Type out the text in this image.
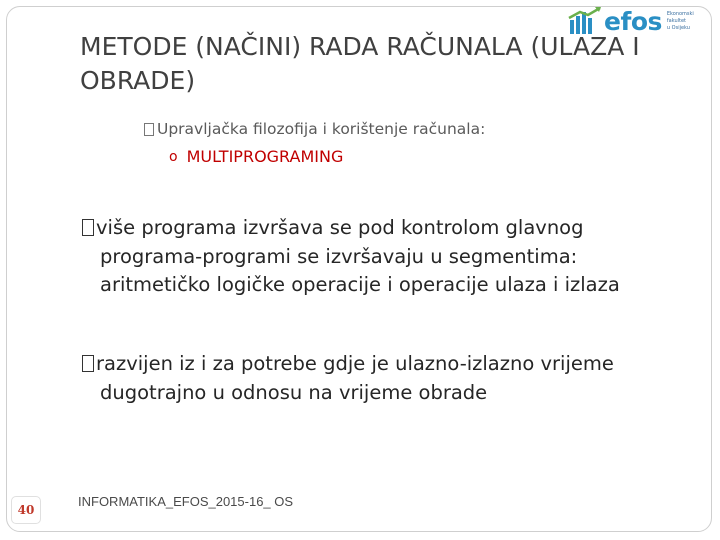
efos Ekonomski fakultet
u Osijeku
METODE (NAČINI) RADA RAČUNALA (ULAZA I
OBRADE)
Upravljačka filozofija i korištenje računala:
o MULTIPROGRAMING
više programa izvršava se pod kontrolom glavnog
programa-programi se izvršavaju u segmentima:
aritmetičko logičke operacije i operacije ulaza i izlaza
razvijen iz i za potrebe gdje je ulazno-izlazno vrijeme
dugotrajno u odnosu na vrijeme obrade
40
INFORMATIKA_EFOS_2015-16_ OS
